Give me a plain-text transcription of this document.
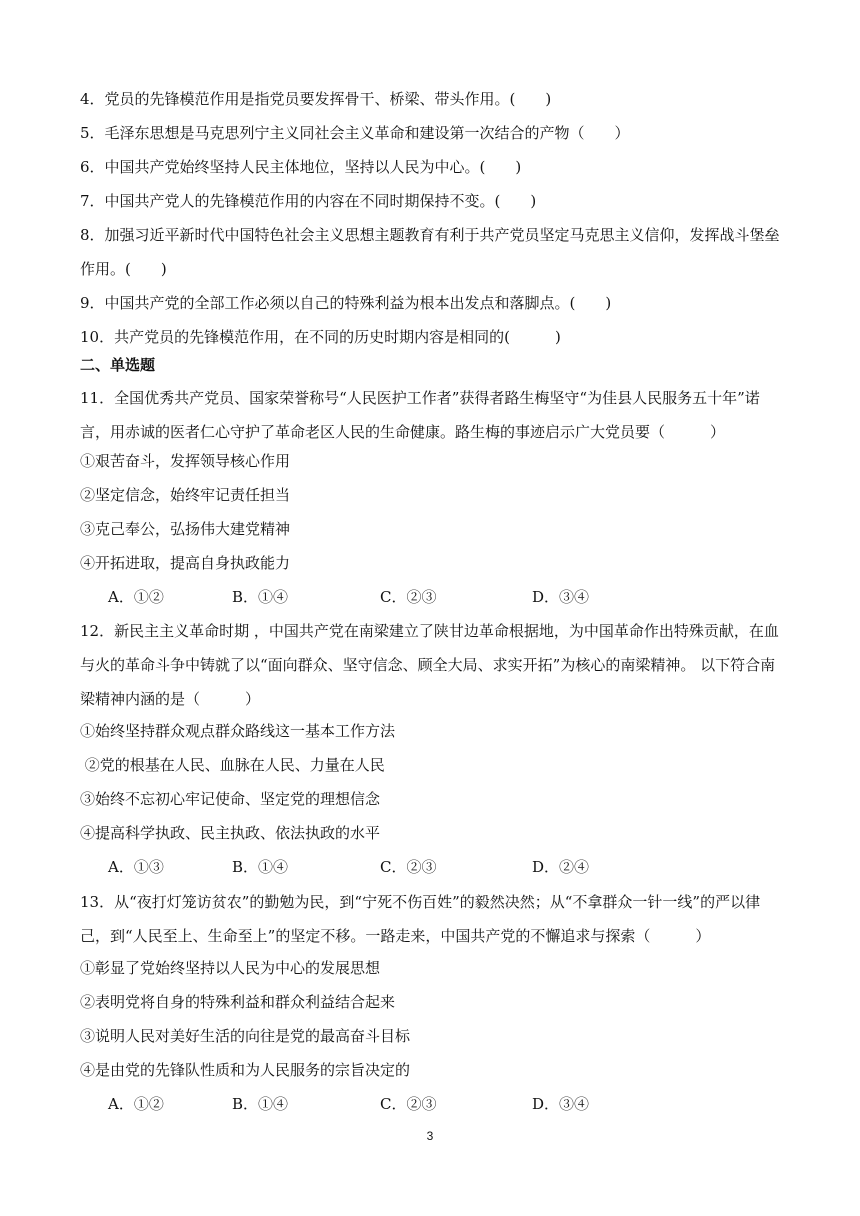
4．党员的先锋模范作用是指党员要发挥骨干、桥梁、带头作用。(　　)
5．毛泽东思想是马克思列宁主义同社会主义革命和建设第一次结合的产物（　　）
6．中国共产党始终坚持人民主体地位，坚持以人民为中心。(　　)
7．中国共产党人的先锋模范作用的内容在不同时期保持不变。(　　)
8．加强习近平新时代中国特色社会主义思想主题教育有利于共产党员坚定马克思主义信仰，发挥战斗堡垒作用。(　　)
9．中国共产党的全部工作必须以自己的特殊利益为根本出发点和落脚点。(　　)
10．共产党员的先锋模范作用，在不同的历史时期内容是相同的(　　　)
二、单选题
11．全国优秀共产党员、国家荣誉称号“人民医护工作者”获得者路生梅坚守“为佳县人民服务五十年”诺言，用赤诚的医者仁心守护了革命老区人民的生命健康。路生梅的事迹启示广大党员要（　　　）
①艰苦奋斗，发挥领导核心作用
②坚定信念，始终牢记责任担当
③克己奉公，弘扬伟大建党精神
④开拓进取，提高自身执政能力
A．①②	B．①④	C．②③	D．③④
12．新民主主义革命时期 ，中国共产党在南梁建立了陕甘边革命根据地，为中国革命作出特殊贡献，在血与火的革命斗争中铸就了以“面向群众、坚守信念、顾全大局、求实开拓”为核心的南梁精神。 以下符合南梁精神内涵的是（　　　）
①始终坚持群众观点群众路线这一基本工作方法
②党的根基在人民、血脉在人民、力量在人民
③始终不忘初心牢记使命、坚定党的理想信念
④提高科学执政、民主执政、依法执政的水平
A．①③	B．①④	C．②③	D．②④
13．从“夜打灯笼访贫农”的勤勉为民，到“宁死不伤百姓”的毅然决然；从“不拿群众一针一线”的严以律己，到“人民至上、生命至上”的坚定不移。一路走来，中国共产党的不懈追求与探索（　　　）
①彰显了党始终坚持以人民为中心的发展思想
②表明党将自身的特殊利益和群众利益结合起来
③说明人民对美好生活的向往是党的最高奋斗目标
④是由党的先锋队性质和为人民服务的宗旨决定的
A．①②	B．①④	C．②③	D．③④
3
